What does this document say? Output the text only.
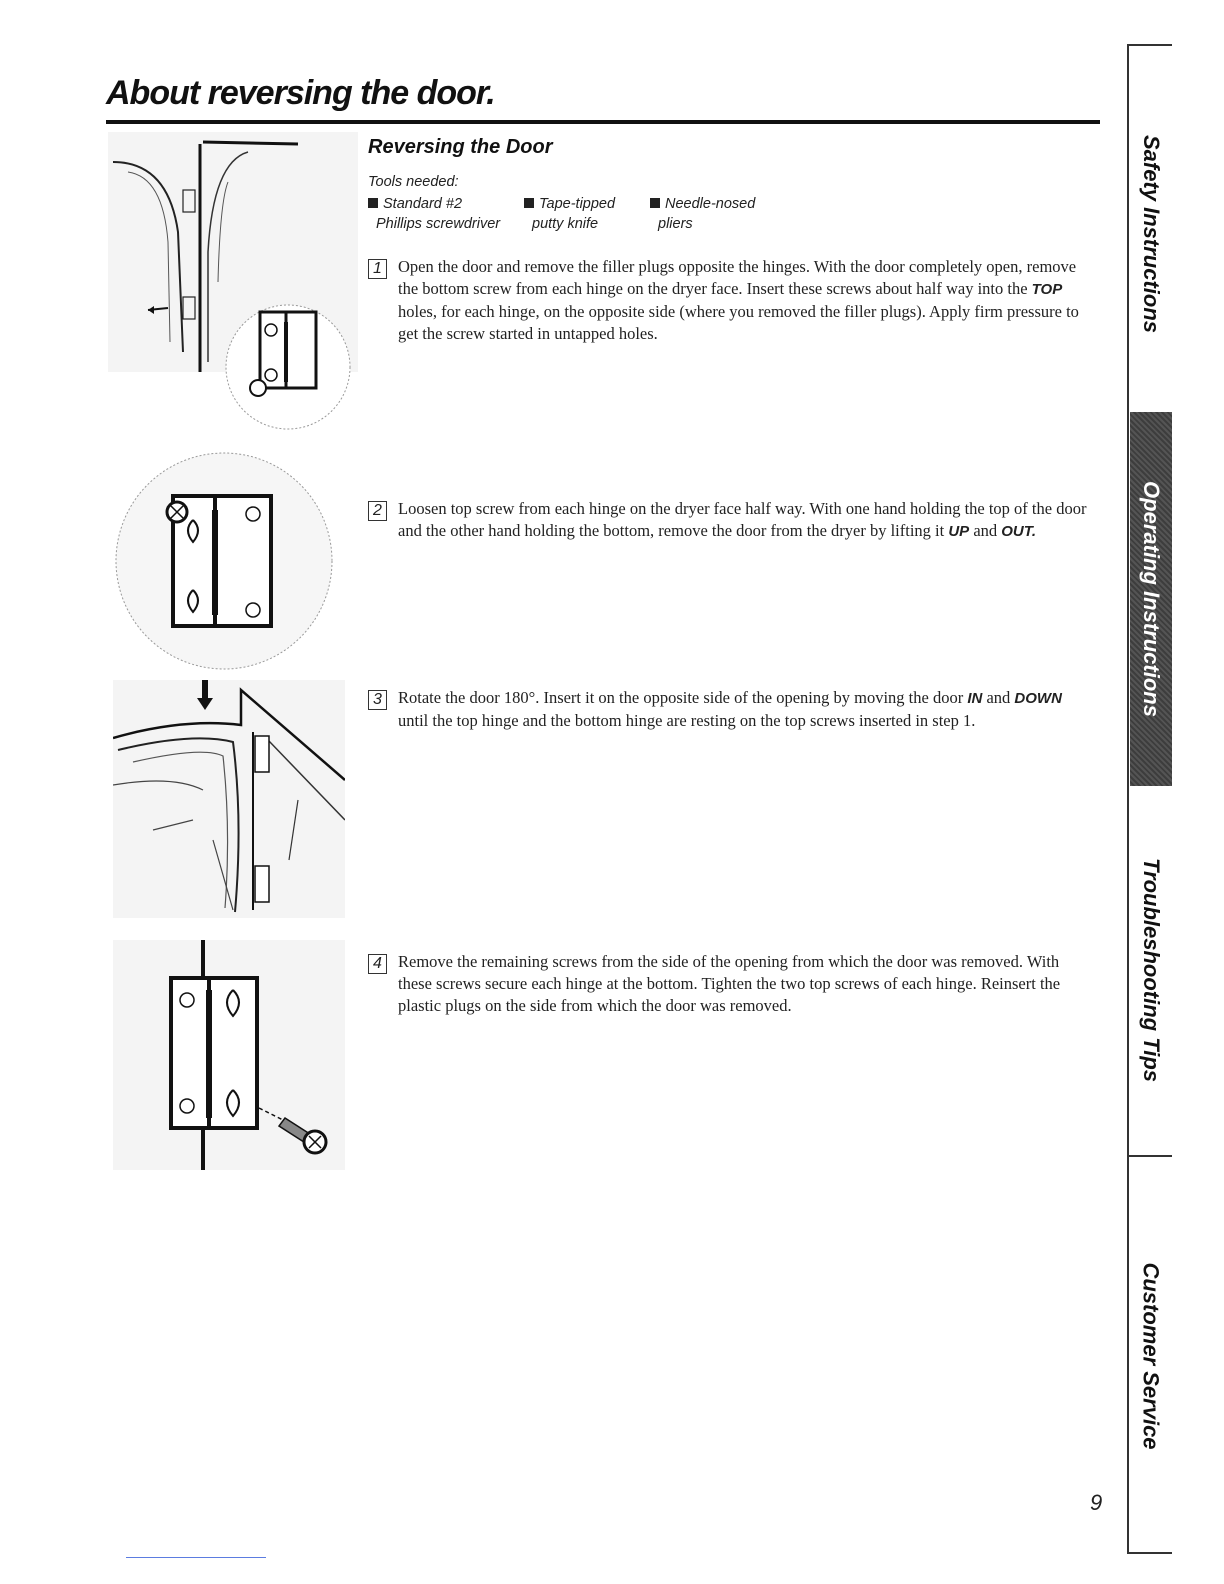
About reversing the door.
Reversing the Door
Tools needed:
Standard #2
Phillips screwdriver
Tape-tipped
putty knife
Needle-nosed
pliers
1 Open the door and remove the filler plugs opposite the hinges. With the door completely open, remove the bottom screw from each hinge on the dryer face. Insert these screws about half way into the TOP holes, for each hinge, on the opposite side (where you removed the filler plugs). Apply firm pressure to get the screw started in untapped holes.

2 Loosen top screw from each hinge on the dryer face half way. With one hand holding the top of the door and the other hand holding the bottom, remove the door from the dryer by lifting it UP and OUT.

3 Rotate the door 180°. Insert it on the opposite side of the opening by moving the door IN and DOWN until the top hinge and the bottom hinge are resting on the top screws inserted in step 1.

4 Remove the remaining screws from the side of the opening from which the door was removed. With these screws secure each hinge at the bottom. Tighten the two top screws of each hinge. Reinsert the plastic plugs on the side from which the door was removed.

Safety Instructions
Operating Instructions
Troubleshooting Tips
Customer Service
9
